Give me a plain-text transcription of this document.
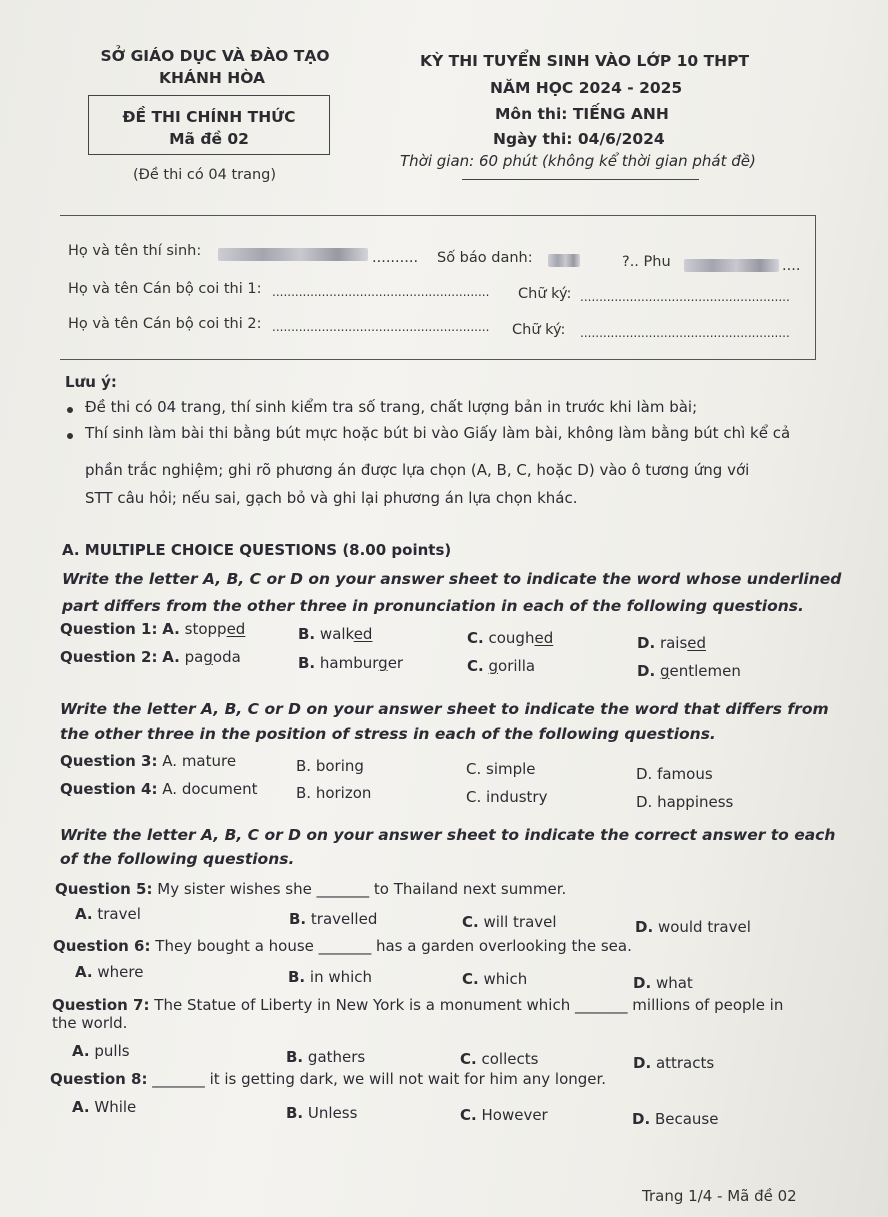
SỞ GIÁO DỤC VÀ ĐÀO TẠO
KHÁNH HÒA
ĐỀ THI CHÍNH THỨC
Mã đề 02
(Đề thi có 04 trang)
KỲ THI TUYỂN SINH VÀO LỚP 10 THPT
NĂM HỌC 2024 - 2025
Môn thi: TIẾNG ANH
Ngày thi: 04/6/2024
Thời gian: 60 phút (không kể thời gian phát đề)
Họ và tên thí sinh:	.......... Số báo danh:	?.. Phu	....
Họ và tên Cán bộ coi thi 1: ......................................................... Chữ ký: .......................................................
Họ và tên Cán bộ coi thi 2: ......................................................... Chữ ký: .......................................................
Lưu ý:
Đề thi có 04 trang, thí sinh kiểm tra số trang, chất lượng bản in trước khi làm bài;
Thí sinh làm bài thi bằng bút mực hoặc bút bi vào Giấy làm bài, không làm bằng bút chì kể cả
phần trắc nghiệm; ghi rõ phương án được lựa chọn (A, B, C, hoặc D) vào ô tương ứng với
STT câu hỏi; nếu sai, gạch bỏ và ghi lại phương án lựa chọn khác.
A. MULTIPLE CHOICE QUESTIONS (8.00 points)
Write the letter A, B, C or D on your answer sheet to indicate the word whose underlined
part differs from the other three in pronunciation in each of the following questions.
Question 1: A. stopped	B. walked	C. coughed	D. raised
Question 2: A. pagoda	B. hamburger	C. gorilla	D. gentlemen
Write the letter A, B, C or D on your answer sheet to indicate the word that differs from
the other three in the position of stress in each of the following questions.
Question 3: A. mature	B. boring	C. simple	D. famous
Question 4: A. document	B. horizon	C. industry	D. happiness
Write the letter A, B, C or D on your answer sheet to indicate the correct answer to each
of the following questions.
Question 5: My sister wishes she _______ to Thailand next summer.
A. travel	B. travelled	C. will travel	D. would travel
Question 6: They bought a house _______ has a garden overlooking the sea.
A. where	B. in which	C. which	D. what
Question 7: The Statue of Liberty in New York is a monument which _______ millions of people in
the world.
A. pulls	B. gathers	C. collects	D. attracts
Question 8: _______ it is getting dark, we will not wait for him any longer.
A. While	B. Unless	C. However	D. Because
Trang 1/4 - Mã đề 02
